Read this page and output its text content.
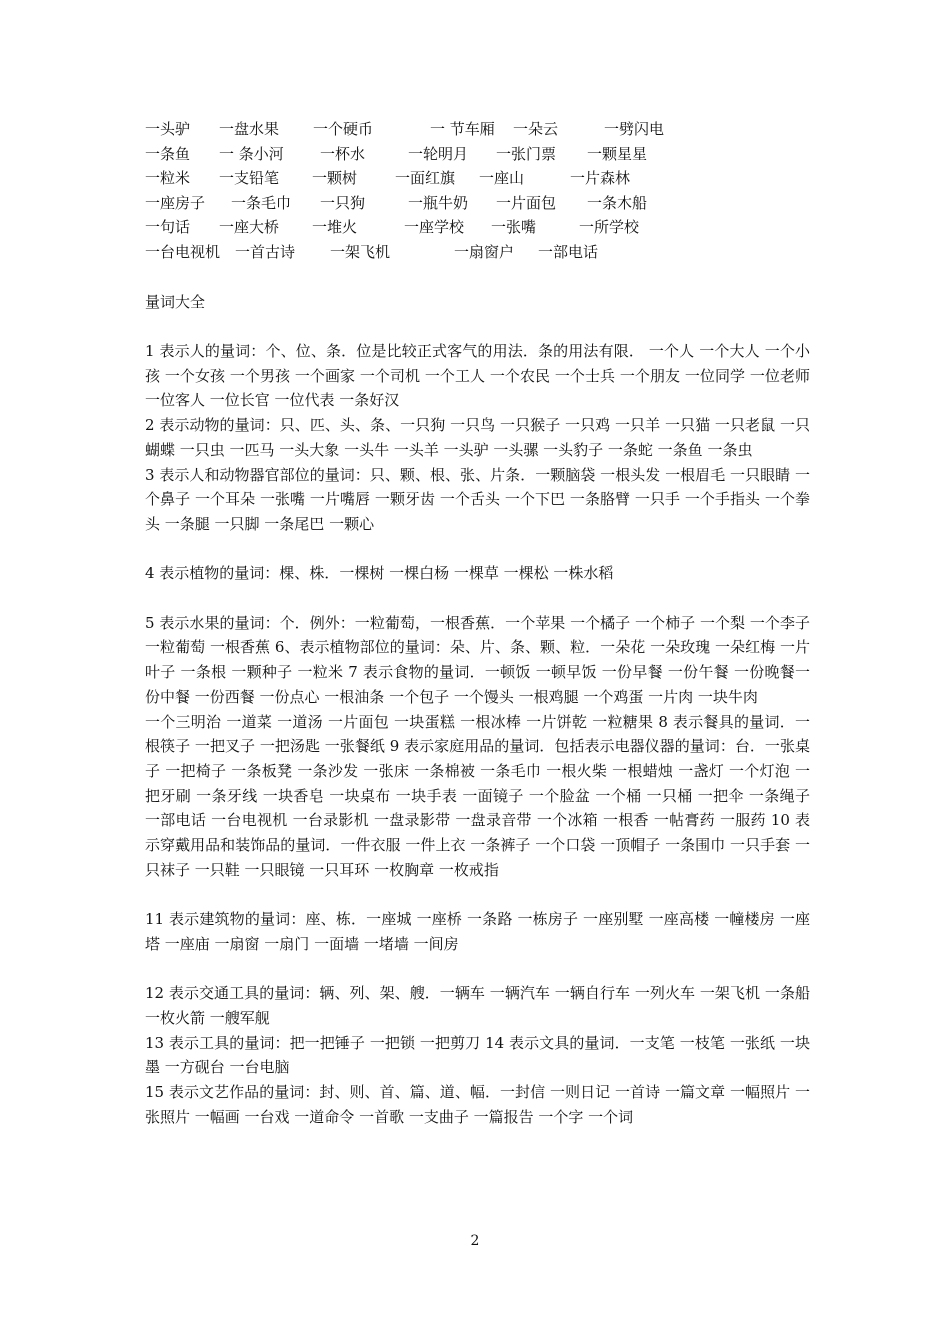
一头驴 一盘水果 一个硬币	一 节车厢 一朵云	一劈闪电
一条鱼 一 条小河 一杯水	一轮明月 一张门票 一颗星星
一粒米 一支铅笔 一颗树	一面红旗 一座山	一片森林
一座房子 一条毛巾 一只狗	一瓶牛奶 一片面包 一条木船
一句话 一座大桥 一堆火	一座学校 一张嘴	一所学校
一台电视机 一首古诗 一架飞机	一扇窗户 一部电话
量词大全

1 表示人的量词：个、位、条．位是比较正式客气的用法．条的用法有限． 一个人 一个大人 一个小孩 一个女孩 一个男孩 一个画家 一个司机 一个工人 一个农民 一个士兵 一个朋友 一位同学 一位老师 一位客人 一位长官 一位代表 一条好汉

2 表示动物的量词：只、匹、头、条、一只狗 一只鸟 一只猴子 一只鸡 一只羊 一只猫 一只老鼠 一只蝴蝶 一只虫 一匹马 一头大象 一头牛 一头羊 一头驴 一头骡 一头豹子 一条蛇 一条鱼 一条虫

3 表示人和动物器官部位的量词：只、颗、根、张、片条．一颗脑袋 一根头发 一根眉毛 一只眼睛 一个鼻子 一个耳朵 一张嘴 一片嘴唇 一颗牙齿 一个舌头 一个下巴 一条胳臂 一只手 一个手指头 一个拳头 一条腿 一只脚 一条尾巴 一颗心

4 表示植物的量词：棵、株．一棵树 一棵白杨 一棵草 一棵松 一株水稻

5 表示水果的量词：个．例外：一粒葡萄，一根香蕉．一个苹果 一个橘子 一个柿子 一个梨 一个李子 一粒葡萄 一根香蕉 6、表示植物部位的量词：朵、片、条、颗、粒．一朵花 一朵玫瑰 一朵红梅 一片叶子 一条根 一颗种子 一粒米 7 表示食物的量词．一顿饭 一顿早饭 一份早餐 一份午餐 一份晚餐一份中餐 一份西餐 一份点心 一根油条 一个包子 一个馒头 一根鸡腿 一个鸡蛋 一片肉 一块牛肉

一个三明治 一道菜 一道汤 一片面包 一块蛋糕 一根冰棒 一片饼乾 一粒糖果 8 表示餐具的量词．一根筷子 一把叉子 一把汤匙 一张餐纸 9 表示家庭用品的量词．包括表示电器仪器的量词：台．一张桌子 一把椅子 一条板凳 一条沙发 一张床 一条棉被 一条毛巾 一根火柴 一根蜡烛 一盏灯 一个灯泡 一把牙刷 一条牙线 一块香皂 一块桌布 一块手表 一面镜子 一个脸盆 一个桶 一只桶 一把伞 一条绳子 一部电话 一台电视机 一台录影机 一盘录影带 一盘录音带 一个冰箱 一根香 一帖膏药 一服药 10 表示穿戴用品和装饰品的量词．一件衣服 一件上衣 一条裤子 一个口袋 一顶帽子 一条围巾 一只手套 一只袜子 一只鞋 一只眼镜 一只耳环 一枚胸章 一枚戒指

11 表示建筑物的量词：座、栋．一座城 一座桥 一条路 一栋房子 一座别墅 一座高楼 一幢楼房 一座塔 一座庙 一扇窗 一扇门 一面墙 一堵墙 一间房

12 表示交通工具的量词：辆、列、架、艘．一辆车 一辆汽车 一辆自行车 一列火车 一架飞机 一条船 一枚火箭 一艘军舰

13 表示工具的量词：把一把锤子 一把锁 一把剪刀 14 表示文具的量词．一支笔 一枝笔 一张纸 一块墨 一方砚台 一台电脑

15 表示文艺作品的量词：封、则、首、篇、道、幅．一封信 一则日记 一首诗 一篇文章 一幅照片 一张照片 一幅画 一台戏 一道命令 一首歌 一支曲子 一篇报告 一个字 一个词

2
